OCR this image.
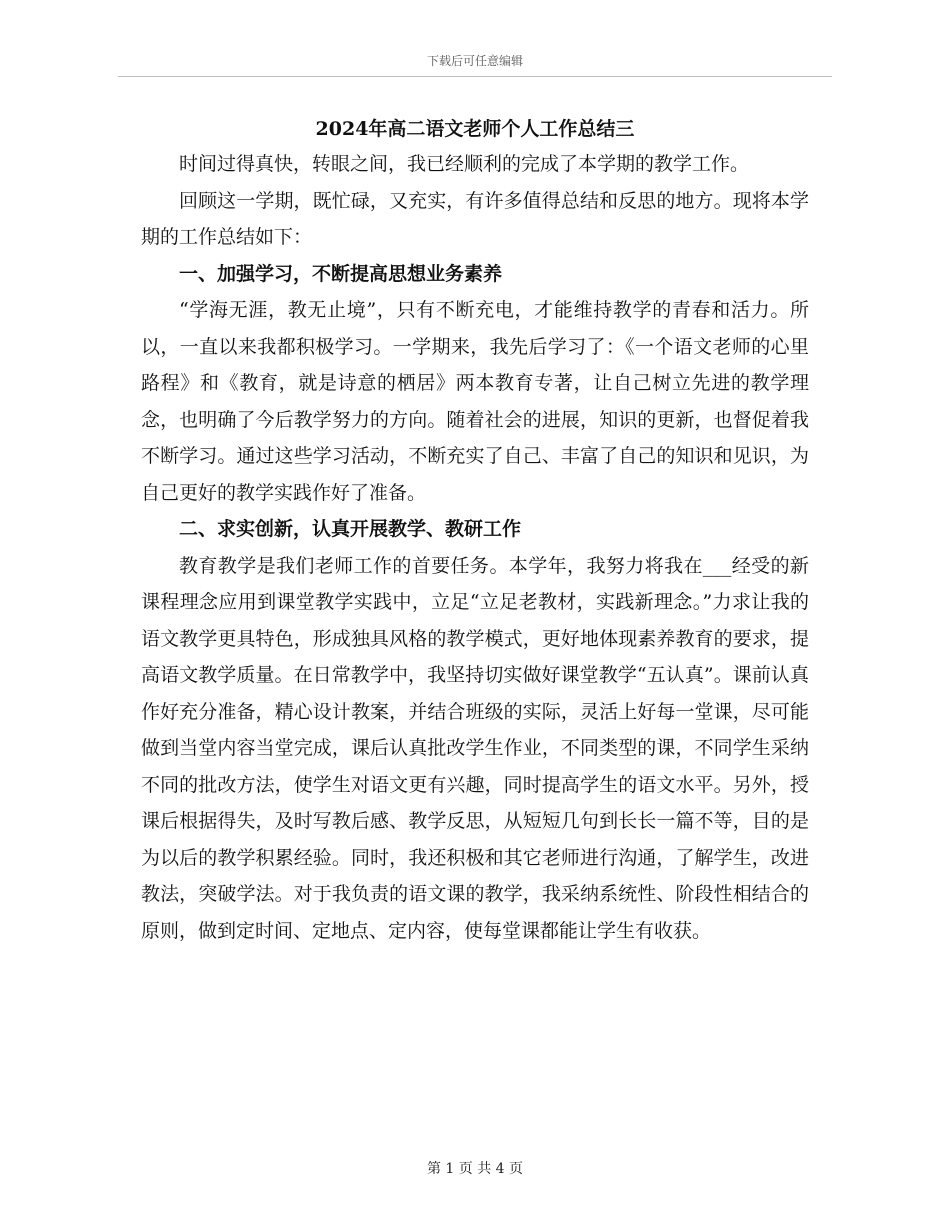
下载后可任意编辑
2024年高二语文老师个人工作总结三

时间过得真快，转眼之间，我已经顺利的完成了本学期的教学工作。

回顾这一学期，既忙碌，又充实，有许多值得总结和反思的地方。现将本学期的工作总结如下：

一、加强学习，不断提高思想业务素养

“学海无涯，教无止境”，只有不断充电，才能维持教学的青春和活力。所以，一直以来我都积极学习。一学期来，我先后学习了：《一个语文老师的心里路程》和《教育，就是诗意的栖居》两本教育专著，让自己树立先进的教学理念，也明确了今后教学努力的方向。随着社会的进展，知识的更新，也督促着我不断学习。通过这些学习活动，不断充实了自己、丰富了自己的知识和见识，为自己更好的教学实践作好了准备。

二、求实创新，认真开展教学、教研工作

教育教学是我们老师工作的首要任务。本学年，我努力将我在___经受的新课程理念应用到课堂教学实践中，立足“立足老教材，实践新理念。”力求让我的语文教学更具特色，形成独具风格的教学模式，更好地体现素养教育的要求，提高语文教学质量。在日常教学中，我坚持切实做好课堂教学“五认真”。课前认真作好充分准备，精心设计教案，并结合班级的实际，灵活上好每一堂课，尽可能做到当堂内容当堂完成，课后认真批改学生作业，不同类型的课，不同学生采纳不同的批改方法，使学生对语文更有兴趣，同时提高学生的语文水平。另外，授课后根据得失，及时写教后感、教学反思，从短短几句到长长一篇不等，目的是为以后的教学积累经验。同时，我还积极和其它老师进行沟通，了解学生，改进教法，突破学法。对于我负责的语文课的教学，我采纳系统性、阶段性相结合的原则，做到定时间、定地点、定内容，使每堂课都能让学生有收获。

第 1 页 共 4 页
